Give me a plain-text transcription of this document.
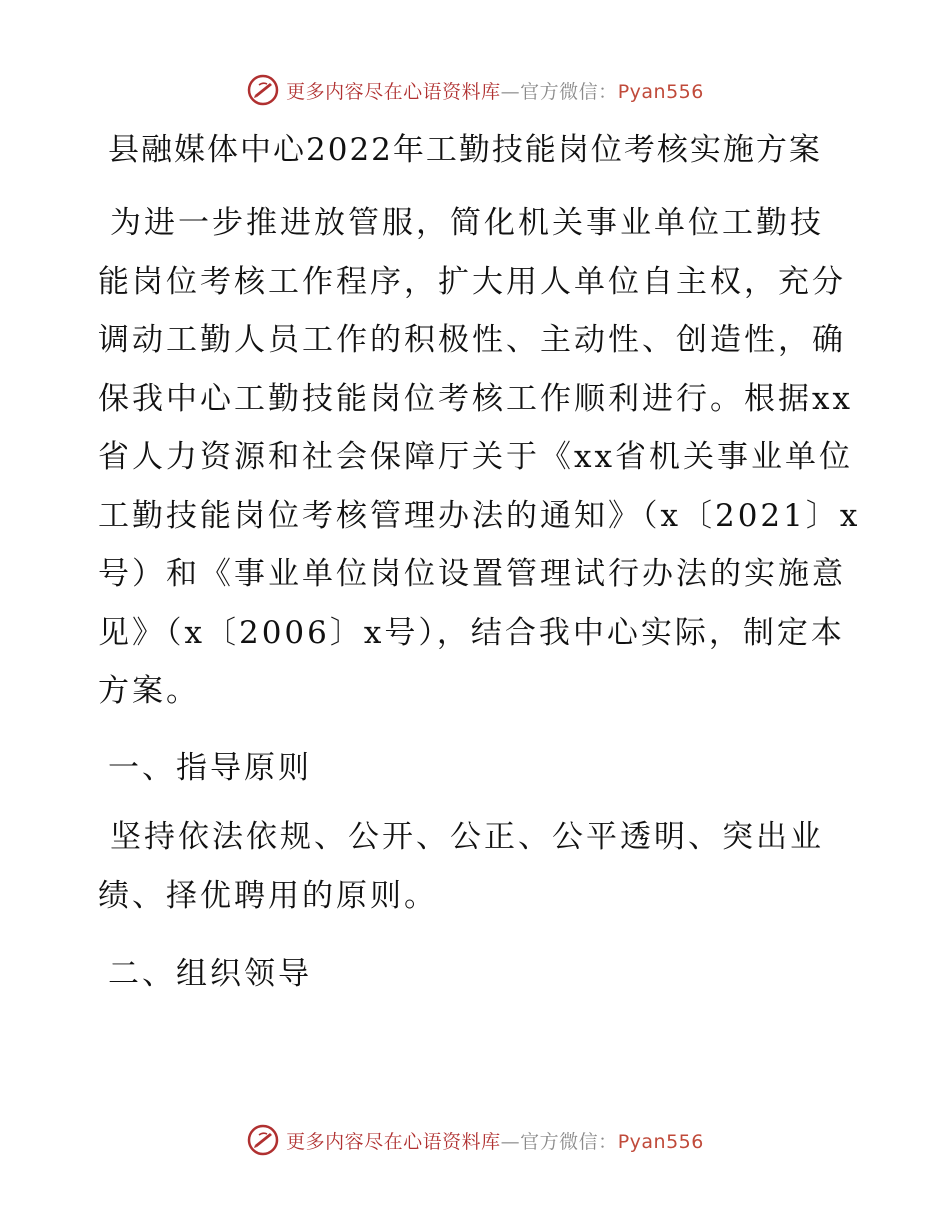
更多内容尽在心语资料库—官方微信：Pyan556
县融媒体中心2022年工勤技能岗位考核实施方案

为进一步推进放管服，简化机关事业单位工勤技
能岗位考核工作程序，扩大用人单位自主权，充分
调动工勤人员工作的积极性、主动性、创造性，确
保我中心工勤技能岗位考核工作顺利进行。根据xx
省人力资源和社会保障厅关于《xx省机关事业单位
工勤技能岗位考核管理办法的通知》（x〔2021〕x
号）和《事业单位岗位设置管理试行办法的实施意
见》（x〔2006〕x号），结合我中心实际，制定本
方案。

一、指导原则

坚持依法依规、公开、公正、公平透明、突出业
绩、择优聘用的原则。

二、组织领导
更多内容尽在心语资料库—官方微信：Pyan556
